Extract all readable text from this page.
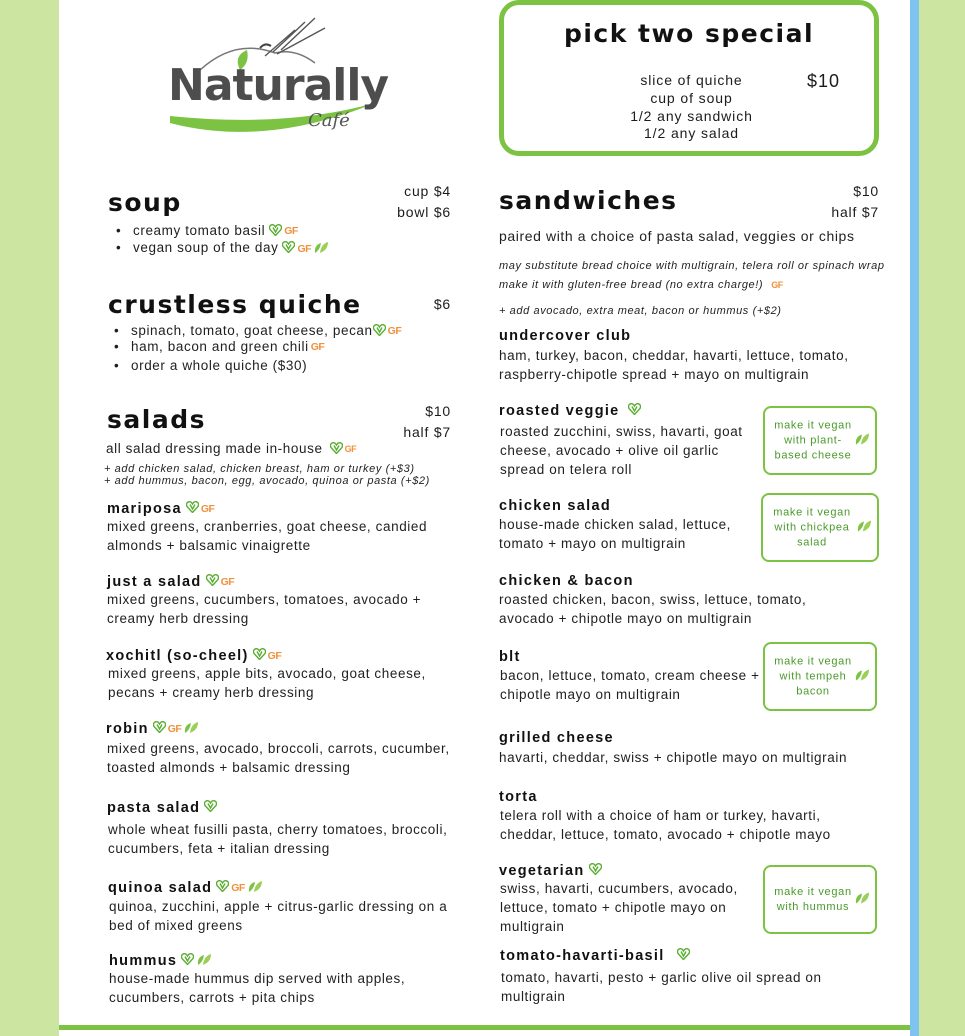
Naturally
Café
pick two special
$10
slice of quiche
cup of soup
1/2 any sandwich
1/2 any salad
soup	cup $4
bowl $6
• creamy tomato basil GF
• vegan soup of the day GF
crustless quiche	$6
• spinach, tomato, goat cheese, pecan GF
• ham, bacon and green chili GF
• order a whole quiche ($30)
salads	$10
half $7
all salad dressing made in-house GF
+ add chicken salad, chicken breast, ham or turkey (+$3)
+ add hummus, bacon, egg, avocado, quinoa or pasta (+$2)
mariposa GF
mixed greens, cranberries, goat cheese, candied almonds + balsamic vinaigrette
just a salad GF
mixed greens, cucumbers, tomatoes, avocado + creamy herb dressing
xochitl (so-cheel) GF
mixed greens, apple bits, avocado, goat cheese, pecans + creamy herb dressing
robin GF
mixed greens, avocado, broccoli, carrots, cucumber, toasted almonds + balsamic dressing
pasta salad
whole wheat fusilli pasta, cherry tomatoes, broccoli, cucumbers, feta + italian dressing
quinoa salad GF
quinoa, zucchini, apple + citrus-garlic dressing on a bed of mixed greens
hummus
house-made hummus dip served with apples, cucumbers, carrots + pita chips
sandwiches	$10
half $7
paired with a choice of pasta salad, veggies or chips
may substitute bread choice with multigrain, telera roll or spinach wrap
make it with gluten-free bread (no extra charge!) GF
+ add avocado, extra meat, bacon or hummus (+$2)
undercover club
ham, turkey, bacon, cheddar, havarti, lettuce, tomato, raspberry-chipotle spread + mayo on multigrain
roasted veggie
roasted zucchini, swiss, havarti, goat cheese, avocado + olive oil garlic spread on telera roll
make it vegan with plant-based cheese
chicken salad
house-made chicken salad, lettuce, tomato + mayo on multigrain
make it vegan with chickpea salad
chicken & bacon
roasted chicken, bacon, swiss, lettuce, tomato, avocado + chipotle mayo on multigrain
blt
bacon, lettuce, tomato, cream cheese + chipotle mayo on multigrain
make it vegan with tempeh bacon
grilled cheese
havarti, cheddar, swiss + chipotle mayo on multigrain
torta
telera roll with a choice of ham or turkey, havarti, cheddar, lettuce, tomato, avocado + chipotle mayo
vegetarian
swiss, havarti, cucumbers, avocado, lettuce, tomato + chipotle mayo on multigrain
make it vegan with hummus
tomato-havarti-basil
tomato, havarti, pesto + garlic olive oil spread on multigrain
